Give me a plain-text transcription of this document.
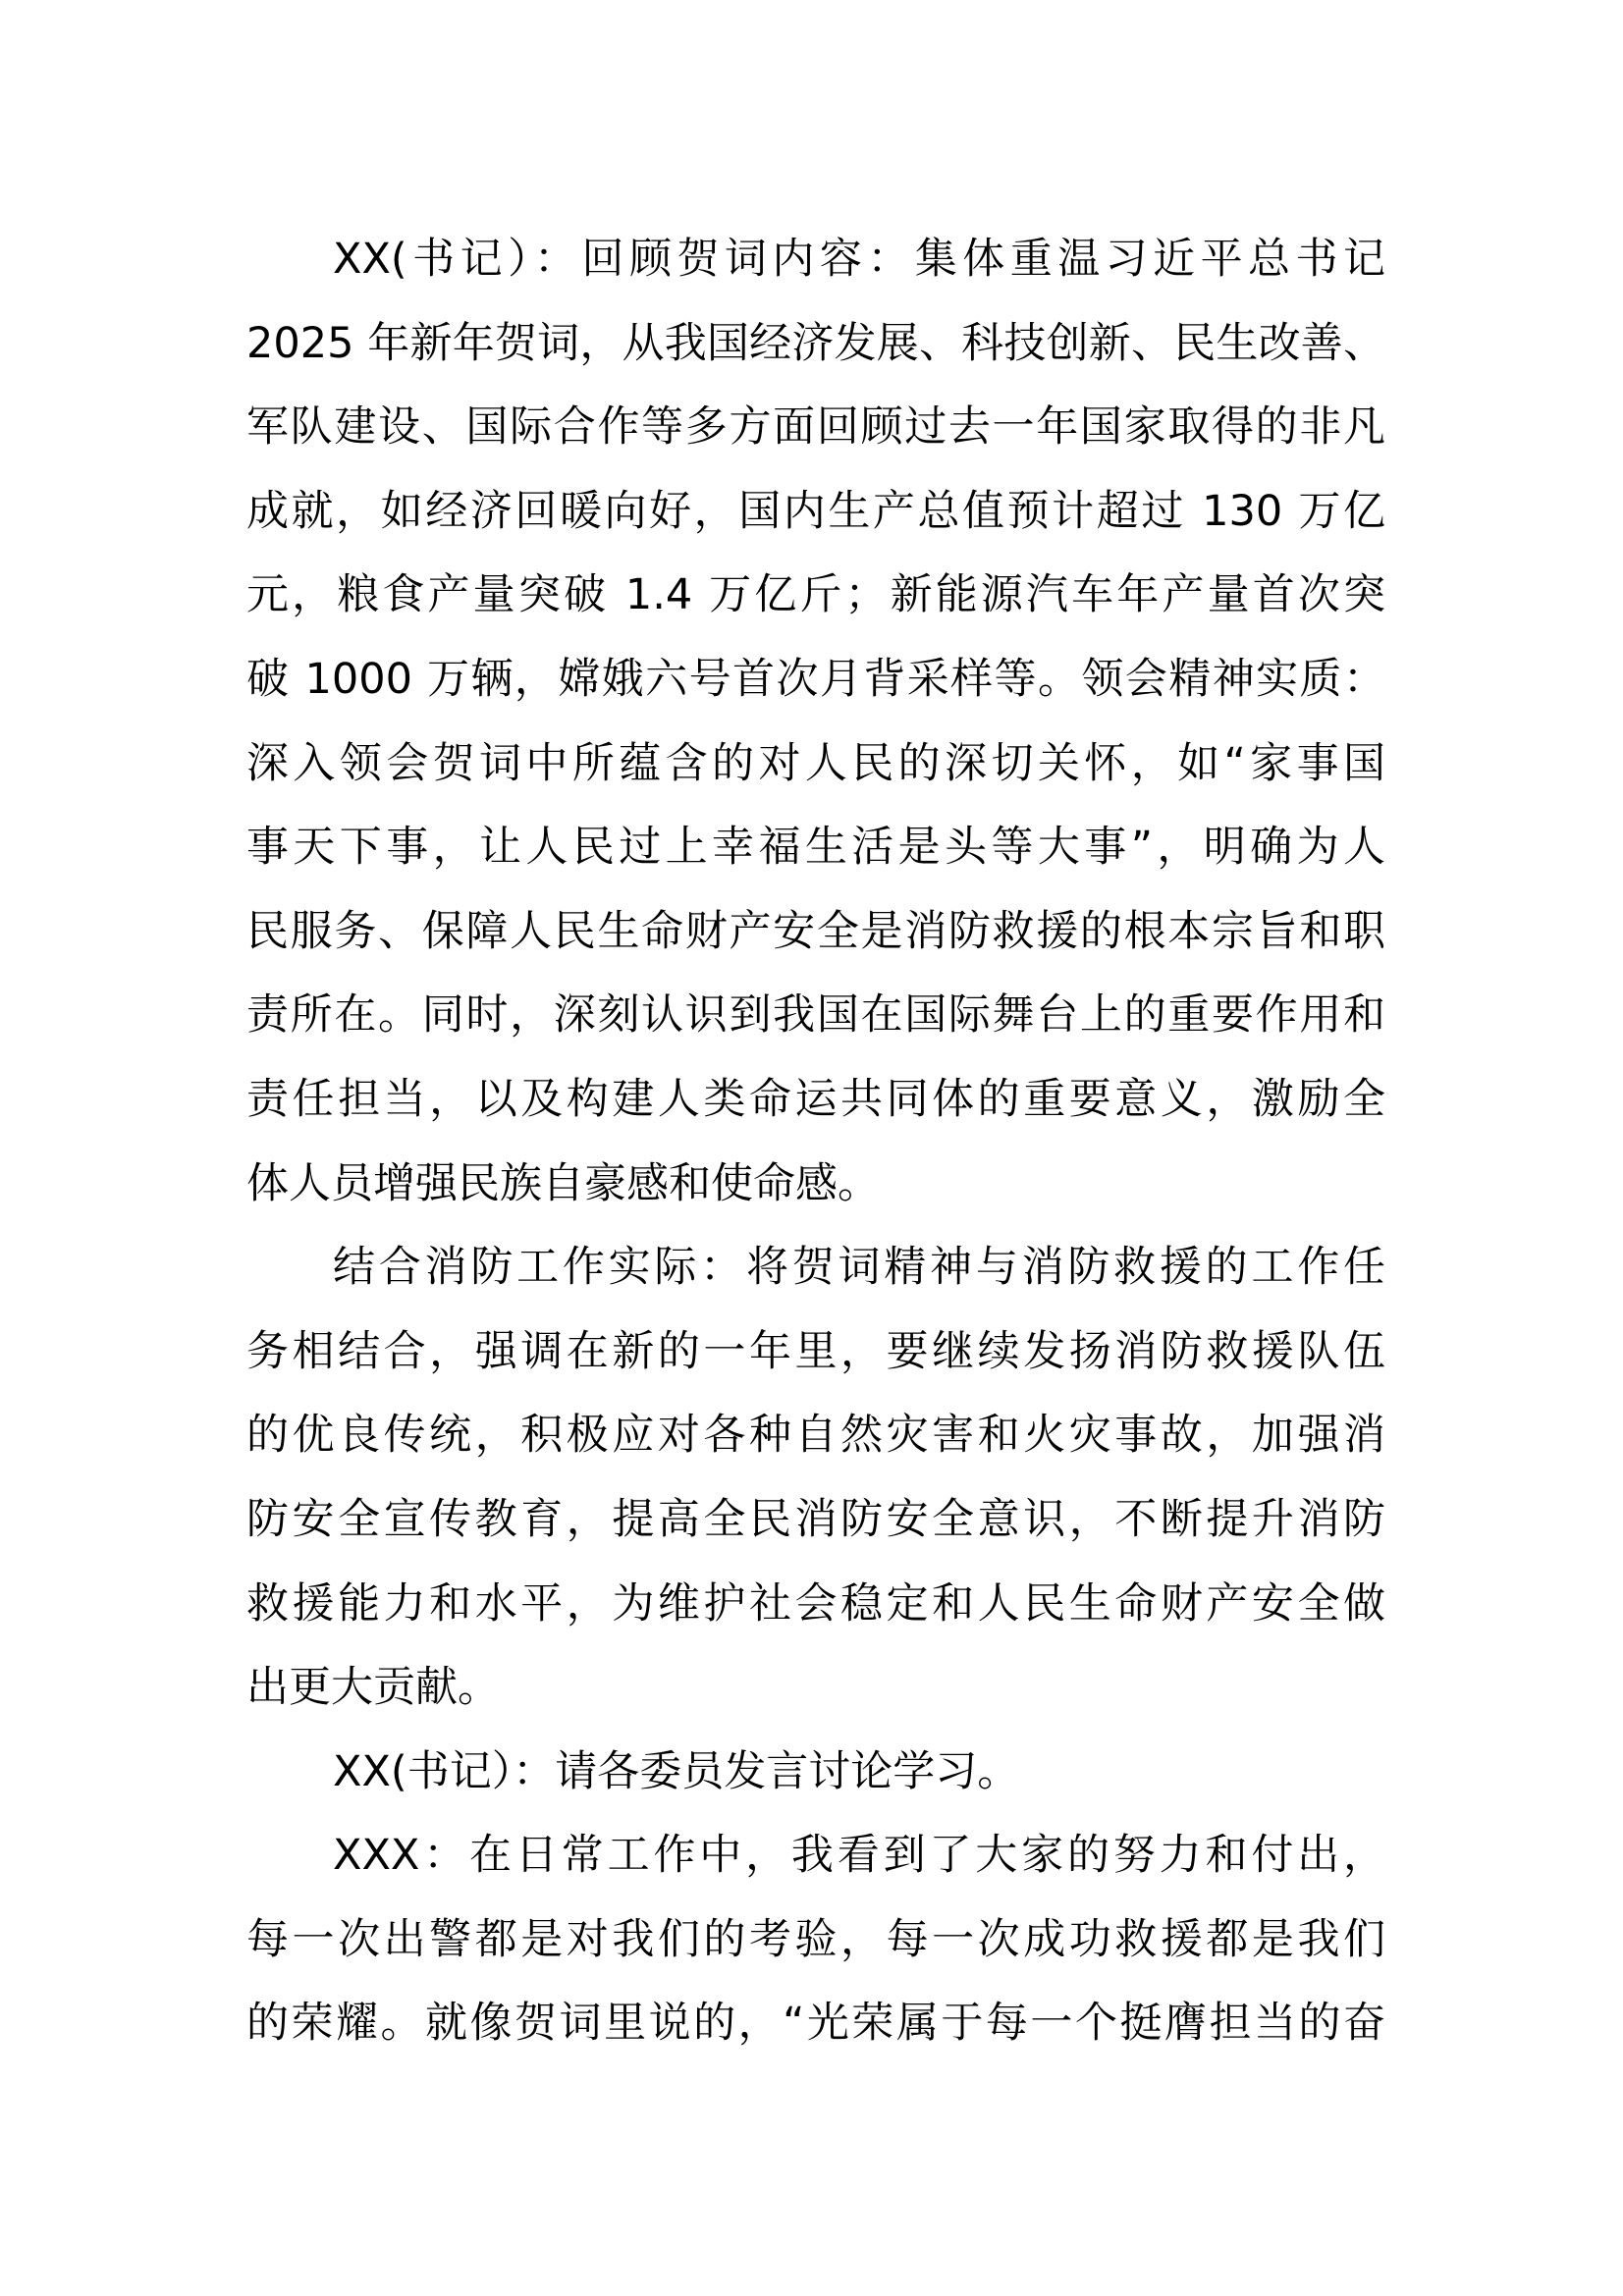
XX(书记）：回顾贺词内容：集体重温习近平总书记
2025 年新年贺词，从我国经济发展、科技创新、民生改善、
军队建设、国际合作等多方面回顾过去一年国家取得的非凡
成就，如经济回暖向好，国内生产总值预计超过 130 万亿
元，粮食产量突破 1.4 万亿斤；新能源汽车年产量首次突
破 1000 万辆，嫦娥六号首次月背采样等。领会精神实质：
深入领会贺词中所蕴含的对人民的深切关怀，如“家事国
事天下事，让人民过上幸福生活是头等大事”，明确为人
民服务、保障人民生命财产安全是消防救援的根本宗旨和职
责所在。同时，深刻认识到我国在国际舞台上的重要作用和
责任担当，以及构建人类命运共同体的重要意义，激励全
体人员增强民族自豪感和使命感。
结合消防工作实际：将贺词精神与消防救援的工作任
务相结合，强调在新的一年里，要继续发扬消防救援队伍
的优良传统，积极应对各种自然灾害和火灾事故，加强消
防安全宣传教育，提高全民消防安全意识，不断提升消防
救援能力和水平，为维护社会稳定和人民生命财产安全做
出更大贡献。
XX(书记）：请各委员发言讨论学习。
XXX：在日常工作中，我看到了大家的努力和付出，
每一次出警都是对我们的考验，每一次成功救援都是我们
的荣耀。就像贺词里说的，“光荣属于每一个挺膺担当的奋
